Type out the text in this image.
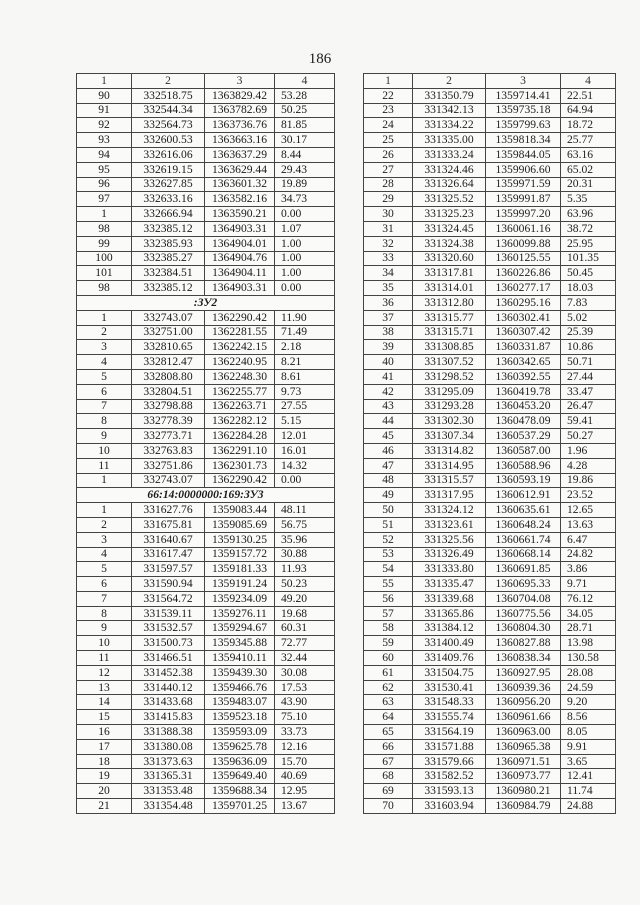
186
1	2	3	4
90	332518.75	1363829.42	53.28
91	332544.34	1363782.69	50.25
92	332564.73	1363736.76	81.85
93	332600.53	1363663.16	30.17
94	332616.06	1363637.29	8.44
95	332619.15	1363629.44	29.43
96	332627.85	1363601.32	19.89
97	332633.16	1363582.16	34.73
1	332666.94	1363590.21	0.00
98	332385.12	1364903.31	1.07
99	332385.93	1364904.01	1.00
100	332385.27	1364904.76	1.00
101	332384.51	1364904.11	1.00
98	332385.12	1364903.31	0.00
:ЗУ2			
1	332743.07	1362290.42	11.90
2	332751.00	1362281.55	71.49
3	332810.65	1362242.15	2.18
4	332812.47	1362240.95	8.21
5	332808.80	1362248.30	8.61
6	332804.51	1362255.77	9.73
7	332798.88	1362263.71	27.55
8	332778.39	1362282.12	5.15
9	332773.71	1362284.28	12.01
10	332763.83	1362291.10	16.01
11	332751.86	1362301.73	14.32
1	332743.07	1362290.42	0.00
66:14:0000000:169:ЗУ3			
1	331627.76	1359083.44	48.11
2	331675.81	1359085.69	56.75
3	331640.67	1359130.25	35.96
4	331617.47	1359157.72	30.88
5	331597.57	1359181.33	11.93
6	331590.94	1359191.24	50.23
7	331564.72	1359234.09	49.20
8	331539.11	1359276.11	19.68
9	331532.57	1359294.67	60.31
10	331500.73	1359345.88	72.77
11	331466.51	1359410.11	32.44
12	331452.38	1359439.30	30.08
13	331440.12	1359466.76	17.53
14	331433.68	1359483.07	43.90
15	331415.83	1359523.18	75.10
16	331388.38	1359593.09	33.73
17	331380.08	1359625.78	12.16
18	331373.63	1359636.09	15.70
19	331365.31	1359649.40	40.69
20	331353.48	1359688.34	12.95
21	331354.48	1359701.25	13.67
1	2	3	4
22	331350.79	1359714.41	22.51
23	331342.13	1359735.18	64.94
24	331334.22	1359799.63	18.72
25	331335.00	1359818.34	25.77
26	331333.24	1359844.05	63.16
27	331324.46	1359906.60	65.02
28	331326.64	1359971.59	20.31
29	331325.52	1359991.87	5.35
30	331325.23	1359997.20	63.96
31	331324.45	1360061.16	38.72
32	331324.38	1360099.88	25.95
33	331320.60	1360125.55	101.35
34	331317.81	1360226.86	50.45
35	331314.01	1360277.17	18.03
36	331312.80	1360295.16	7.83
37	331315.77	1360302.41	5.02
38	331315.71	1360307.42	25.39
39	331308.85	1360331.87	10.86
40	331307.52	1360342.65	50.71
41	331298.52	1360392.55	27.44
42	331295.09	1360419.78	33.47
43	331293.28	1360453.20	26.47
44	331302.30	1360478.09	59.41
45	331307.34	1360537.29	50.27
46	331314.82	1360587.00	1.96
47	331314.95	1360588.96	4.28
48	331315.57	1360593.19	19.86
49	331317.95	1360612.91	23.52
50	331324.12	1360635.61	12.65
51	331323.61	1360648.24	13.63
52	331325.56	1360661.74	6.47
53	331326.49	1360668.14	24.82
54	331333.80	1360691.85	3.86
55	331335.47	1360695.33	9.71
56	331339.68	1360704.08	76.12
57	331365.86	1360775.56	34.05
58	331384.12	1360804.30	28.71
59	331400.49	1360827.88	13.98
60	331409.76	1360838.34	130.58
61	331504.75	1360927.95	28.08
62	331530.41	1360939.36	24.59
63	331548.33	1360956.20	9.20
64	331555.74	1360961.66	8.56
65	331564.19	1360963.00	8.05
66	331571.88	1360965.38	9.91
67	331579.66	1360971.51	3.65
68	331582.52	1360973.77	12.41
69	331593.13	1360980.21	11.74
70	331603.94	1360984.79	24.88
